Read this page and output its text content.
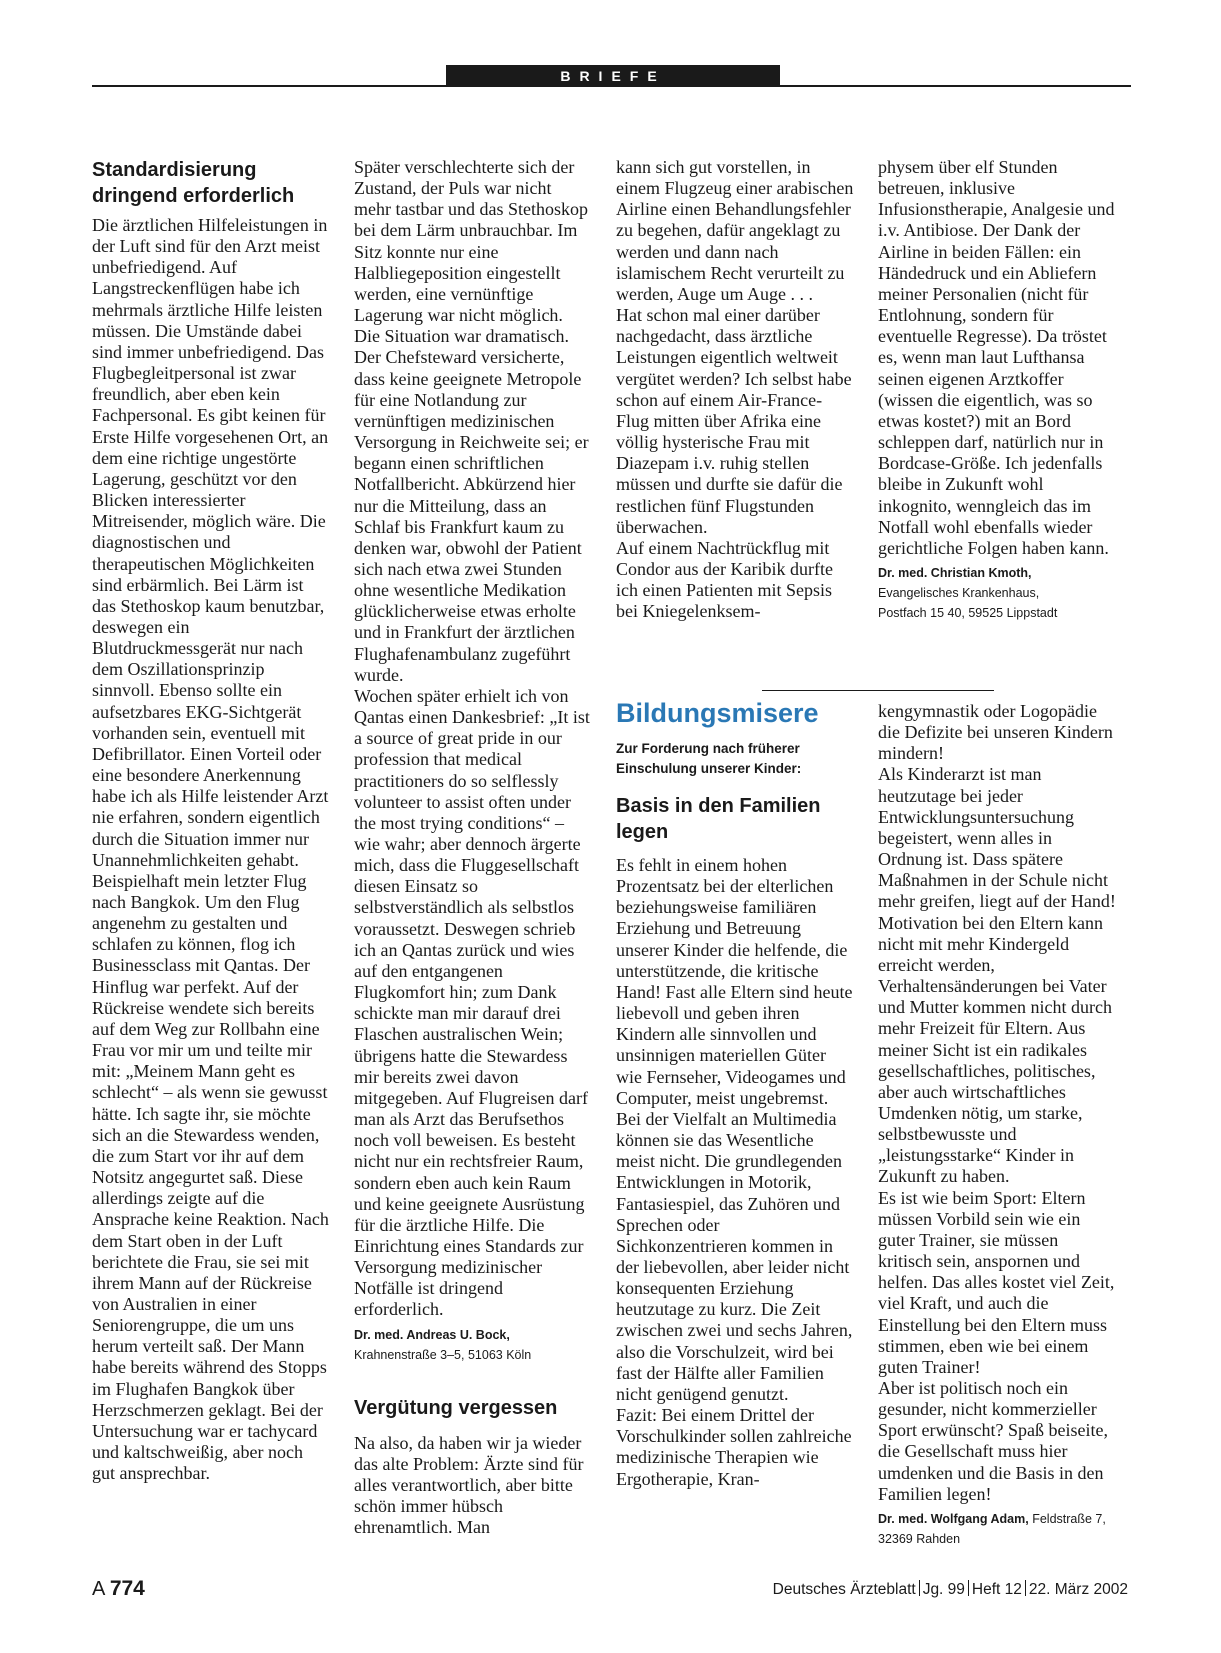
BRIEFE
Standardisierung dringend erforderlich

Die ärztlichen Hilfeleistungen in der Luft sind für den Arzt meist unbefriedigend. Auf Langstreckenflügen habe ich mehrmals ärztliche Hilfe leisten müssen. Die Umstände dabei sind immer unbefriedigend. Das Flugbegleitpersonal ist zwar freundlich, aber eben kein Fachpersonal. Es gibt keinen für Erste Hilfe vorgesehenen Ort, an dem eine richtige ungestörte Lagerung, geschützt vor den Blicken interessierter Mitreisender, möglich wäre. Die diagnostischen und therapeutischen Möglichkeiten sind erbärmlich. Bei Lärm ist das Stethoskop kaum benutzbar, deswegen ein Blutdruckmessgerät nur nach dem Oszillationsprinzip sinnvoll. Ebenso sollte ein aufsetzbares EKG-Sichtgerät vorhanden sein, eventuell mit Defibrillator. Einen Vorteil oder eine besondere Anerkennung habe ich als Hilfe leistender Arzt nie erfahren, sondern eigentlich durch die Situation immer nur Unannehmlichkeiten gehabt.

Beispielhaft mein letzter Flug nach Bangkok. Um den Flug angenehm zu gestalten und schlafen zu können, flog ich Businessclass mit Qantas. Der Hinflug war perfekt. Auf der Rückreise wendete sich bereits auf dem Weg zur Rollbahn eine Frau vor mir um und teilte mir mit: „Meinem Mann geht es schlecht“ – als wenn sie gewusst hätte. Ich sagte ihr, sie möchte sich an die Stewardess wenden, die zum Start vor ihr auf dem Notsitz angegurtet saß. Diese allerdings zeigte auf die Ansprache keine Reaktion. Nach dem Start oben in der Luft berichtete die Frau, sie sei mit ihrem Mann auf der Rückreise von Australien in einer Seniorengruppe, die um uns herum verteilt saß. Der Mann habe bereits während des Stopps im Flughafen Bangkok über Herzschmerzen geklagt. Bei der Untersuchung war er tachycard und kaltschweißig, aber noch gut ansprechbar.

Später verschlechterte sich der Zustand, der Puls war nicht mehr tastbar und das Stethoskop bei dem Lärm unbrauchbar. Im Sitz konnte nur eine Halbliegeposition eingestellt werden, eine vernünftige Lagerung war nicht möglich. Die Situation war dramatisch. Der Chefsteward versicherte, dass keine geeignete Metropole für eine Notlandung zur vernünftigen medizinischen Versorgung in Reichweite sei; er begann einen schriftlichen Notfallbericht. Abkürzend hier nur die Mitteilung, dass an Schlaf bis Frankfurt kaum zu denken war, obwohl der Patient sich nach etwa zwei Stunden ohne wesentliche Medikation glücklicherweise etwas erholte und in Frankfurt der ärztlichen Flughafenambulanz zugeführt wurde.

Wochen später erhielt ich von Qantas einen Dankesbrief: „It ist a source of great pride in our profession that medical practitioners do so selflessly volunteer to assist often under the most trying conditions“ – wie wahr; aber dennoch ärgerte mich, dass die Fluggesellschaft diesen Einsatz so selbstverständlich als selbstlos voraussetzt. Deswegen schrieb ich an Qantas zurück und wies auf den entgangenen Flugkomfort hin; zum Dank schickte man mir darauf drei Flaschen australischen Wein; übrigens hatte die Stewardess mir bereits zwei davon mitgegeben. Auf Flugreisen darf man als Arzt das Berufsethos noch voll beweisen. Es besteht nicht nur ein rechtsfreier Raum, sondern eben auch kein Raum und keine geeignete Ausrüstung für die ärztliche Hilfe. Die Einrichtung eines Standards zur Versorgung medizinischer Notfälle ist dringend erforderlich.

Dr. med. Andreas U. Bock,
Krahnenstraße 3–5, 51063 Köln
Vergütung vergessen

Na also, da haben wir ja wieder das alte Problem: Ärzte sind für alles verantwortlich, aber bitte schön immer hübsch ehrenamtlich. Man

kann sich gut vorstellen, in einem Flugzeug einer arabischen Airline einen Behandlungsfehler zu begehen, dafür angeklagt zu werden und dann nach islamischem Recht verurteilt zu werden, Auge um Auge . . .

Hat schon mal einer darüber nachgedacht, dass ärztliche Leistungen eigentlich weltweit vergütet werden? Ich selbst habe schon auf einem Air-France-Flug mitten über Afrika eine völlig hysterische Frau mit Diazepam i.v. ruhig stellen müssen und durfte sie dafür die restlichen fünf Flugstunden überwachen.

Auf einem Nachtrückflug mit Condor aus der Karibik durfte ich einen Patienten mit Sepsis bei Kniegelenksem-

physem über elf Stunden betreuen, inklusive Infusionstherapie, Analgesie und i.v. Antibiose. Der Dank der Airline in beiden Fällen: ein Händedruck und ein Abliefern meiner Personalien (nicht für Entlohnung, sondern für eventuelle Regresse). Da tröstet es, wenn man laut Lufthansa seinen eigenen Arztkoffer (wissen die eigentlich, was so etwas kostet?) mit an Bord schleppen darf, natürlich nur in Bordcase-Größe. Ich jedenfalls bleibe in Zukunft wohl inkognito, wenngleich das im Notfall wohl ebenfalls wieder gerichtliche Folgen haben kann.

Dr. med. Christian Kmoth,
Evangelisches Krankenhaus,
Postfach 15 40, 59525 Lippstadt
Bildungsmisere
Zur Forderung nach früherer Einschulung unserer Kinder:
Basis in den Familien legen

Es fehlt in einem hohen Prozentsatz bei der elterlichen beziehungsweise familiären Erziehung und Betreuung unserer Kinder die helfende, die unterstützende, die kritische Hand! Fast alle Eltern sind heute liebevoll und geben ihren Kindern alle sinnvollen und unsinnigen materiellen Güter wie Fernseher, Videogames und Computer, meist ungebremst.

Bei der Vielfalt an Multimedia können sie das Wesentliche meist nicht. Die grundlegenden Entwicklungen in Motorik, Fantasiespiel, das Zuhören und Sprechen oder Sichkonzentrieren kommen in der liebevollen, aber leider nicht konsequenten Erziehung heutzutage zu kurz. Die Zeit zwischen zwei und sechs Jahren, also die Vorschulzeit, wird bei fast der Hälfte aller Familien nicht genügend genutzt.

Fazit: Bei einem Drittel der Vorschulkinder sollen zahlreiche medizinische Therapien wie Ergotherapie, Kran-

kengymnastik oder Logopädie die Defizite bei unseren Kindern mindern!

Als Kinderarzt ist man heutzutage bei jeder Entwicklungsuntersuchung begeistert, wenn alles in Ordnung ist. Dass spätere Maßnahmen in der Schule nicht mehr greifen, liegt auf der Hand!

Motivation bei den Eltern kann nicht mit mehr Kindergeld erreicht werden, Verhaltensänderungen bei Vater und Mutter kommen nicht durch mehr Freizeit für Eltern. Aus meiner Sicht ist ein radikales gesellschaftliches, politisches, aber auch wirtschaftliches Umdenken nötig, um starke, selbstbewusste und „leistungsstarke“ Kinder in Zukunft zu haben.

Es ist wie beim Sport: Eltern müssen Vorbild sein wie ein guter Trainer, sie müssen kritisch sein, anspornen und helfen. Das alles kostet viel Zeit, viel Kraft, und auch die Einstellung bei den Eltern muss stimmen, eben wie bei einem guten Trainer!

Aber ist politisch noch ein gesunder, nicht kommerzieller Sport erwünscht? Spaß beiseite, die Gesellschaft muss hier umdenken und die Basis in den Familien legen!

Dr. med. Wolfgang Adam, Feldstraße 7, 32369 Rahden
A 774	Deutsches Ärzteblatt Jg. 99 Heft 12 22. März 2002
